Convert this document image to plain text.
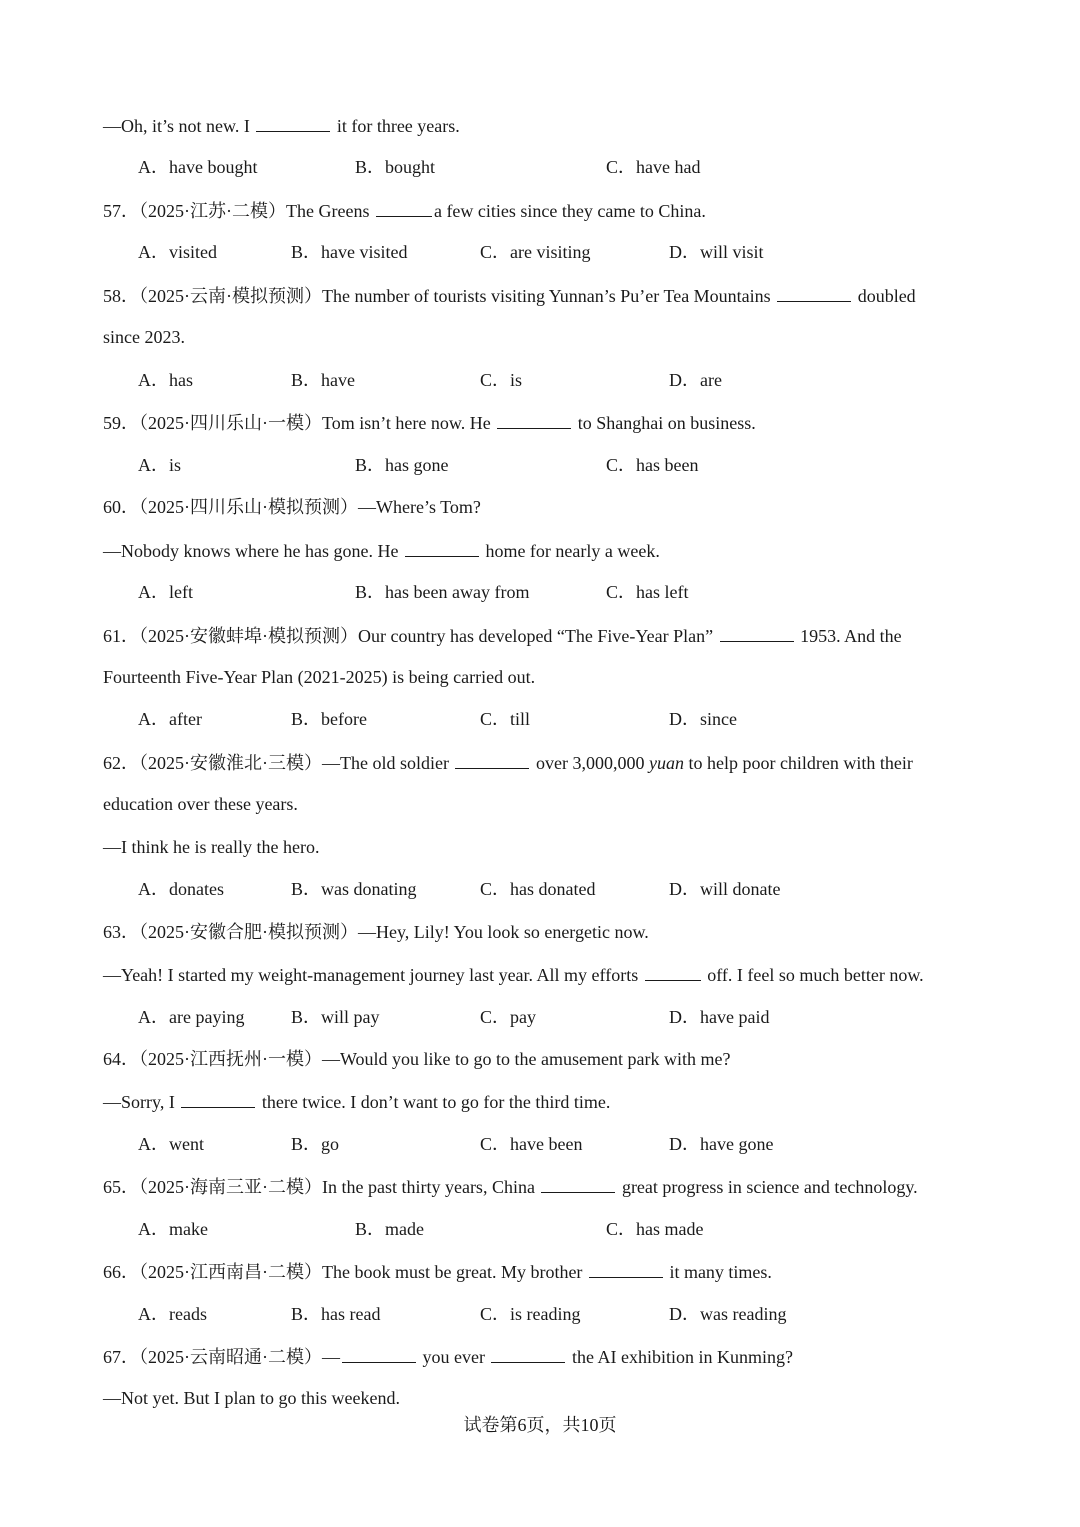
—Oh, it’s not new. I	it for three years.
A．have bought	B．bought	C．have had
57．（2025·江苏·二模）The Greens	a few cities since they came to China.
A．visited	B．have visited	C．are visiting	D．will visit
58．（2025·云南·模拟预测）The number of tourists visiting Yunnan’s Pu’er Tea Mountains	doubled
since 2023.
A．has	B．have	C．is	D．are
59．（2025·四川乐山·一模）Tom isn’t here now. He	to Shanghai on business.
A．is	B．has gone	C．has been
60．（2025·四川乐山·模拟预测）—Where’s Tom?
—Nobody knows where he has gone. He	home for nearly a week.
A．left	B．has been away from	C．has left
61．（2025·安徽蚌埠·模拟预测）Our country has developed “The Five-Year Plan”	1953. And the
Fourteenth Five-Year Plan (2021-2025) is being carried out.
A．after	B．before	C．till	D．since
62．（2025·安徽淮北·三模）—The old soldier	over 3,000,000 yuan to help poor children with their
education over these years.
—I think he is really the hero.
A．donates	B．was donating	C．has donated	D．will donate
63．（2025·安徽合肥·模拟预测）—Hey, Lily! You look so energetic now.
—Yeah! I started my weight-management journey last year. All my efforts	off. I feel so much better now.
A．are paying	B．will pay	C．pay	D．have paid
64．（2025·江西抚州·一模）—Would you like to go to the amusement park with me?
—Sorry, I	there twice. I don’t want to go for the third time.
A．went	B．go	C．have been	D．have gone
65．（2025·海南三亚·二模）In the past thirty years, China	great progress in science and technology.
A．make	B．made	C．has made
66．（2025·江西南昌·二模）The book must be great. My brother	it many times.
A．reads	B．has read	C．is reading	D．was reading
67．（2025·云南昭通·二模）—	you ever	the AI exhibition in Kunming?
—Not yet. But I plan to go this weekend.
试卷第6页，共10页
